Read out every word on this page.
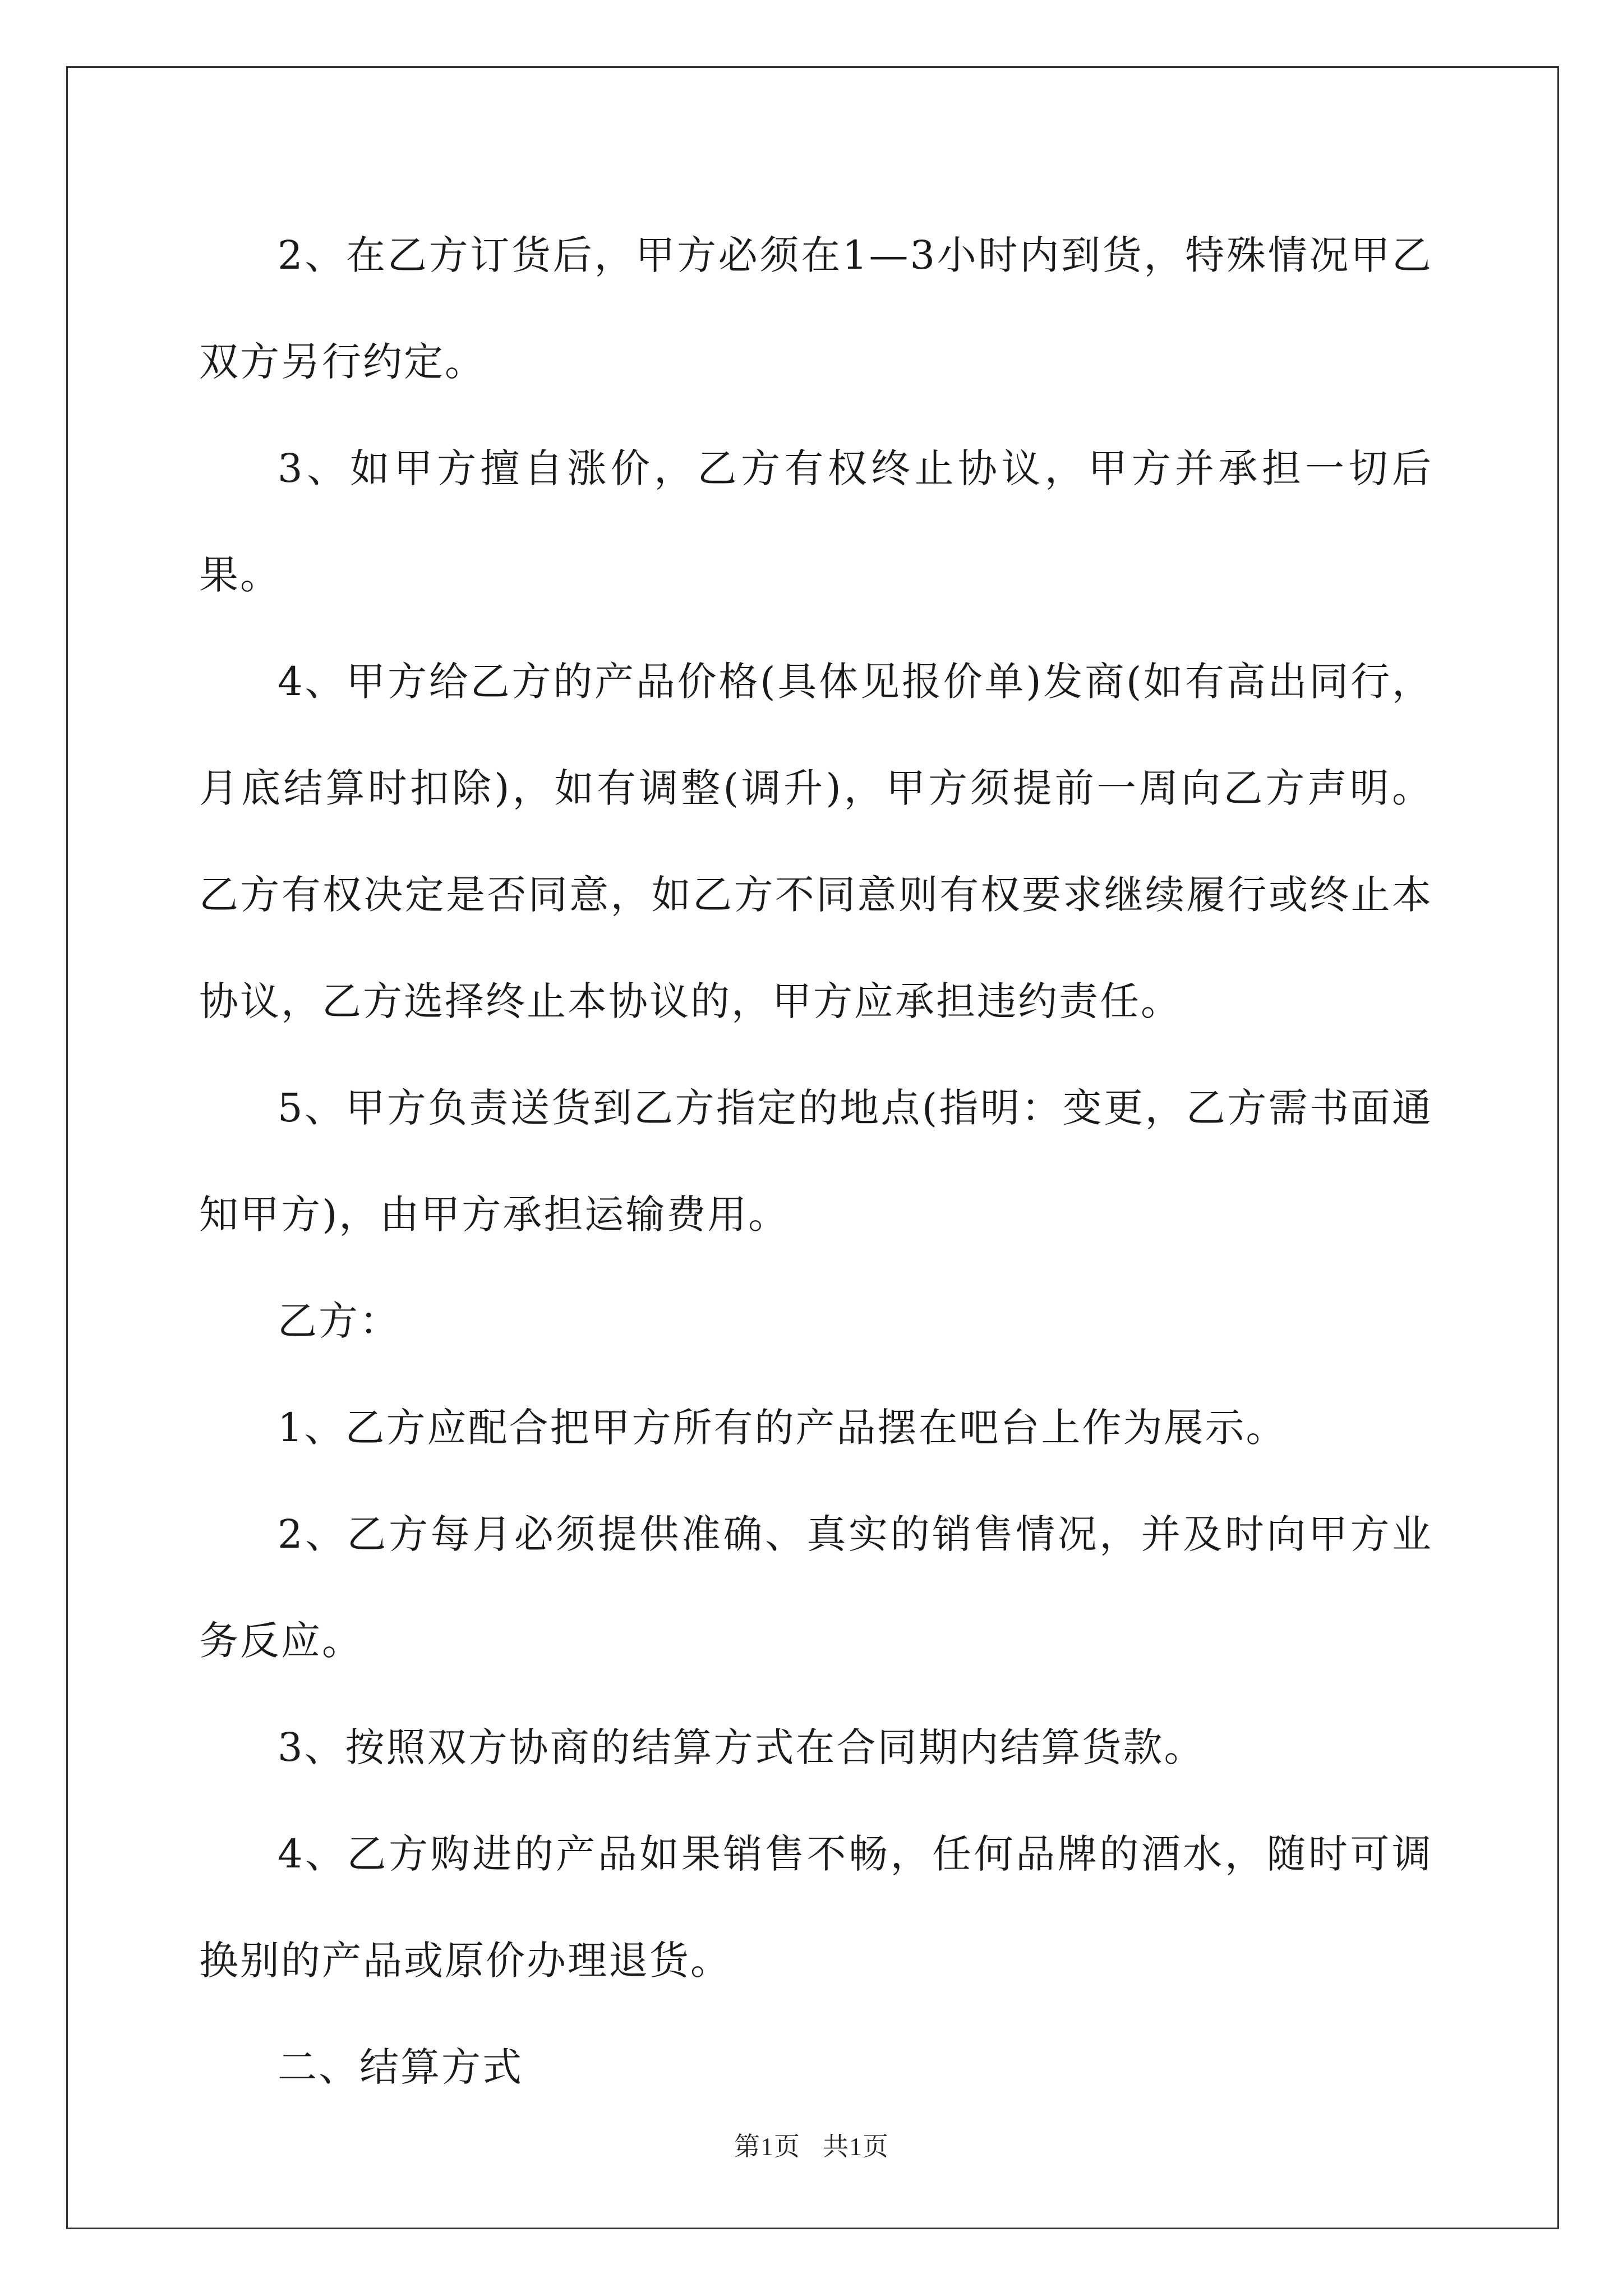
2、在乙方订货后，甲方必须在1—3小时内到货，特殊情况甲乙双方另行约定。

3、如甲方擅自涨价，乙方有权终止协议，甲方并承担一切后果。

4、甲方给乙方的产品价格(具体见报价单)发商(如有高出同行，月底结算时扣除)，如有调整(调升)，甲方须提前一周向乙方声明。乙方有权决定是否同意，如乙方不同意则有权要求继续履行或终止本协议，乙方选择终止本协议的，甲方应承担违约责任。

5、甲方负责送货到乙方指定的地点(指明：变更，乙方需书面通知甲方)，由甲方承担运输费用。

乙方：

1、乙方应配合把甲方所有的产品摆在吧台上作为展示。

2、乙方每月必须提供准确、真实的销售情况，并及时向甲方业务反应。

3、按照双方协商的结算方式在合同期内结算货款。

4、乙方购进的产品如果销售不畅，任何品牌的酒水，随时可调换别的产品或原价办理退货。

二、结算方式

第1页 共1页
